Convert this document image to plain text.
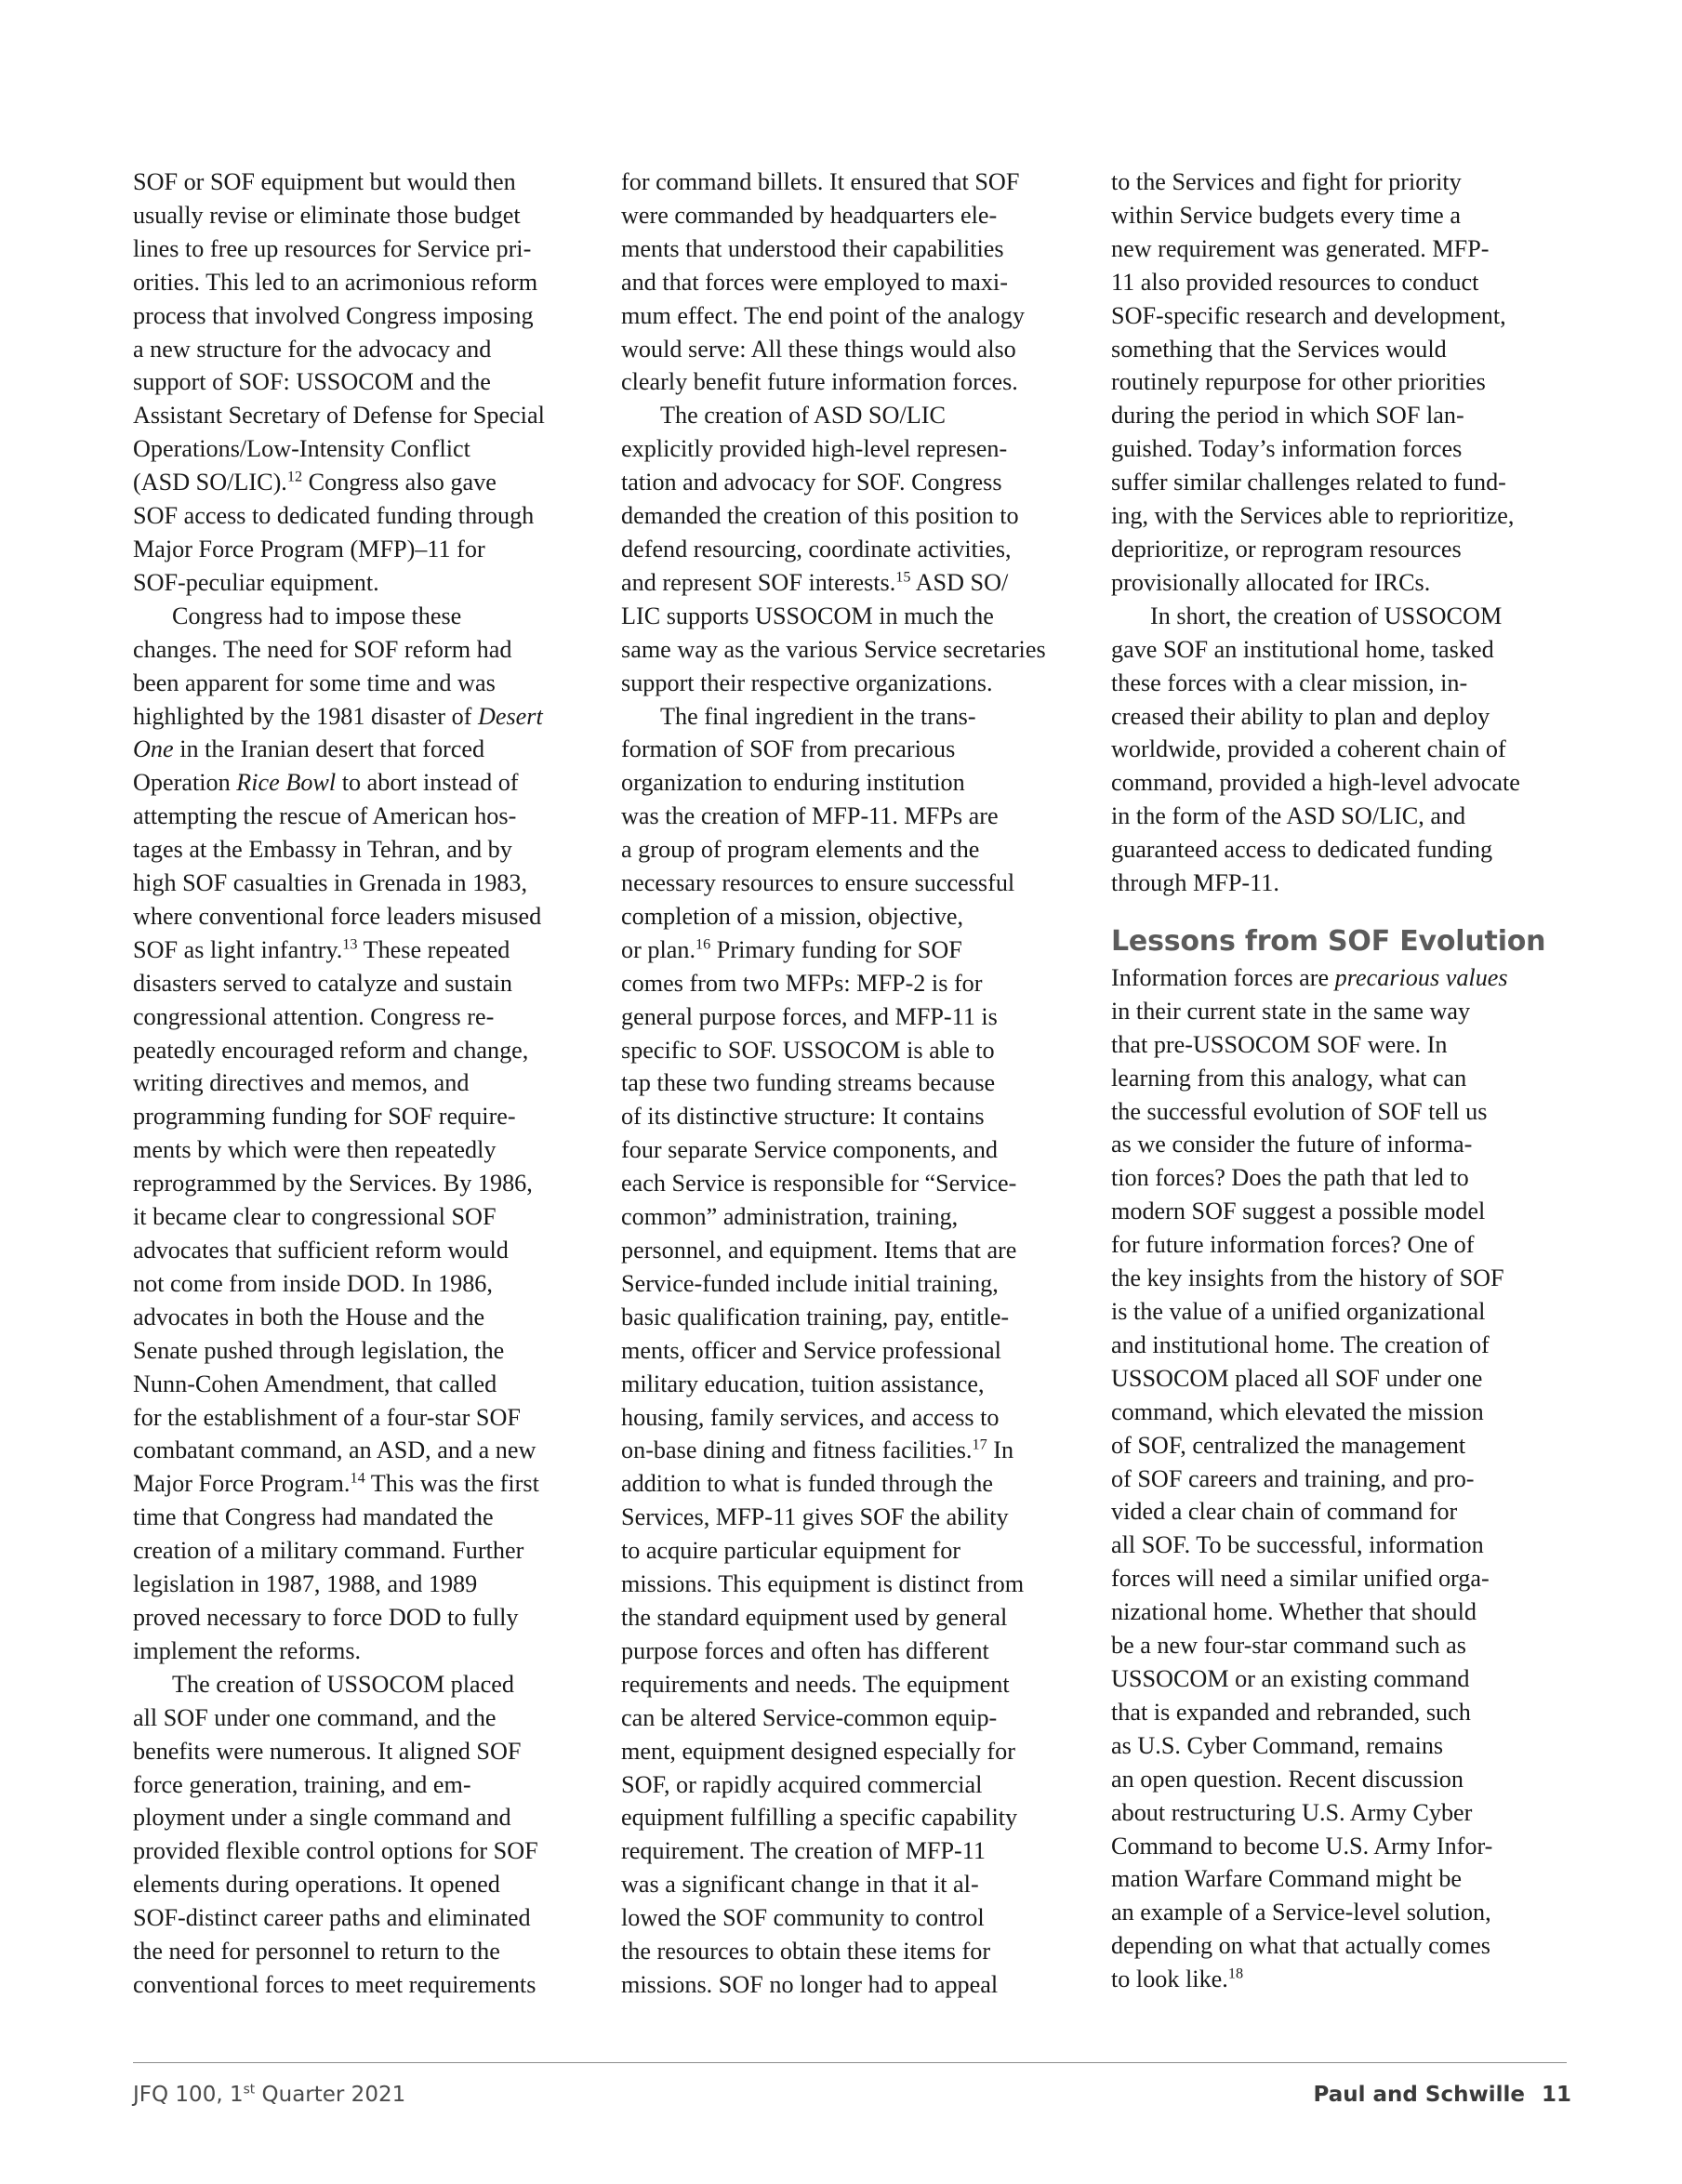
SOF or SOF equipment but would then
usually revise or eliminate those budget
lines to free up resources for Service pri-
orities. This led to an acrimonious reform
process that involved Congress imposing
a new structure for the advocacy and
support of SOF: USSOCOM and the
Assistant Secretary of Defense for Special
Operations/Low-Intensity Conflict
(ASD SO/LIC).$^{12}$ Congress also gave
SOF access to dedicated funding through
Major Force Program (MFP)–11 for
SOF-peculiar equipment.

Congress had to impose these
changes. The need for SOF reform had
been apparent for some time and was
highlighted by the 1981 disaster of Desert
One in the Iranian desert that forced
Operation Rice Bowl to abort instead of
attempting the rescue of American hos-
tages at the Embassy in Tehran, and by
high SOF casualties in Grenada in 1983,
where conventional force leaders misused
SOF as light infantry.$^{13}$ These repeated
disasters served to catalyze and sustain
congressional attention. Congress re-
peatedly encouraged reform and change,
writing directives and memos, and
programming funding for SOF require-
ments by which were then repeatedly
reprogrammed by the Services. By 1986,
it became clear to congressional SOF
advocates that sufficient reform would
not come from inside DOD. In 1986,
advocates in both the House and the
Senate pushed through legislation, the
Nunn-Cohen Amendment, that called
for the establishment of a four-star SOF
combatant command, an ASD, and a new
Major Force Program.$^{14}$ This was the first
time that Congress had mandated the
creation of a military command. Further
legislation in 1987, 1988, and 1989
proved necessary to force DOD to fully
implement the reforms.

The creation of USSOCOM placed
all SOF under one command, and the
benefits were numerous. It aligned SOF
force generation, training, and em-
ployment under a single command and
provided flexible control options for SOF
elements during operations. It opened
SOF-distinct career paths and eliminated
the need for personnel to return to the
conventional forces to meet requirements

for command billets. It ensured that SOF
were commanded by headquarters ele-
ments that understood their capabilities
and that forces were employed to maxi-
mum effect. The end point of the analogy
would serve: All these things would also
clearly benefit future information forces.

The creation of ASD SO/LIC
explicitly provided high-level represen-
tation and advocacy for SOF. Congress
demanded the creation of this position to
defend resourcing, coordinate activities,
and represent SOF interests.$^{15}$ ASD SO/
LIC supports USSOCOM in much the
same way as the various Service secretaries
support their respective organizations.

The final ingredient in the trans-
formation of SOF from precarious
organization to enduring institution
was the creation of MFP-11. MFPs are
a group of program elements and the
necessary resources to ensure successful
completion of a mission, objective,
or plan.$^{16}$ Primary funding for SOF
comes from two MFPs: MFP-2 is for
general purpose forces, and MFP-11 is
specific to SOF. USSOCOM is able to
tap these two funding streams because
of its distinctive structure: It contains
four separate Service components, and
each Service is responsible for “Service-
common” administration, training,
personnel, and equipment. Items that are
Service-funded include initial training,
basic qualification training, pay, entitle-
ments, officer and Service professional
military education, tuition assistance,
housing, family services, and access to
on-base dining and fitness facilities.$^{17}$ In
addition to what is funded through the
Services, MFP-11 gives SOF the ability
to acquire particular equipment for
missions. This equipment is distinct from
the standard equipment used by general
purpose forces and often has different
requirements and needs. The equipment
can be altered Service-common equip-
ment, equipment designed especially for
SOF, or rapidly acquired commercial
equipment fulfilling a specific capability
requirement. The creation of MFP-11
was a significant change in that it al-
lowed the SOF community to control
the resources to obtain these items for
missions. SOF no longer had to appeal

to the Services and fight for priority
within Service budgets every time a
new requirement was generated. MFP-
11 also provided resources to conduct
SOF-specific research and development,
something that the Services would
routinely repurpose for other priorities
during the period in which SOF lan-
guished. Today’s information forces
suffer similar challenges related to fund-
ing, with the Services able to reprioritize,
deprioritize, or reprogram resources
provisionally allocated for IRCs.

In short, the creation of USSOCOM
gave SOF an institutional home, tasked
these forces with a clear mission, in-
creased their ability to plan and deploy
worldwide, provided a coherent chain of
command, provided a high-level advocate
in the form of the ASD SO/LIC, and
guaranteed access to dedicated funding
through MFP-11.

Lessons from SOF Evolution

Information forces are precarious values
in their current state in the same way
that pre-USSOCOM SOF were. In
learning from this analogy, what can
the successful evolution of SOF tell us
as we consider the future of informa-
tion forces? Does the path that led to
modern SOF suggest a possible model
for future information forces? One of
the key insights from the history of SOF
is the value of a unified organizational
and institutional home. The creation of
USSOCOM placed all SOF under one
command, which elevated the mission
of SOF, centralized the management
of SOF careers and training, and pro-
vided a clear chain of command for
all SOF. To be successful, information
forces will need a similar unified orga-
nizational home. Whether that should
be a new four-star command such as
USSOCOM or an existing command
that is expanded and rebranded, such
as U.S. Cyber Command, remains
an open question. Recent discussion
about restructuring U.S. Army Cyber
Command to become U.S. Army Infor-
mation Warfare Command might be
an example of a Service-level solution,
depending on what that actually comes
to look like.$^{18}$

JFQ 100, 1st Quarter 2021	Paul and Schwille 11
